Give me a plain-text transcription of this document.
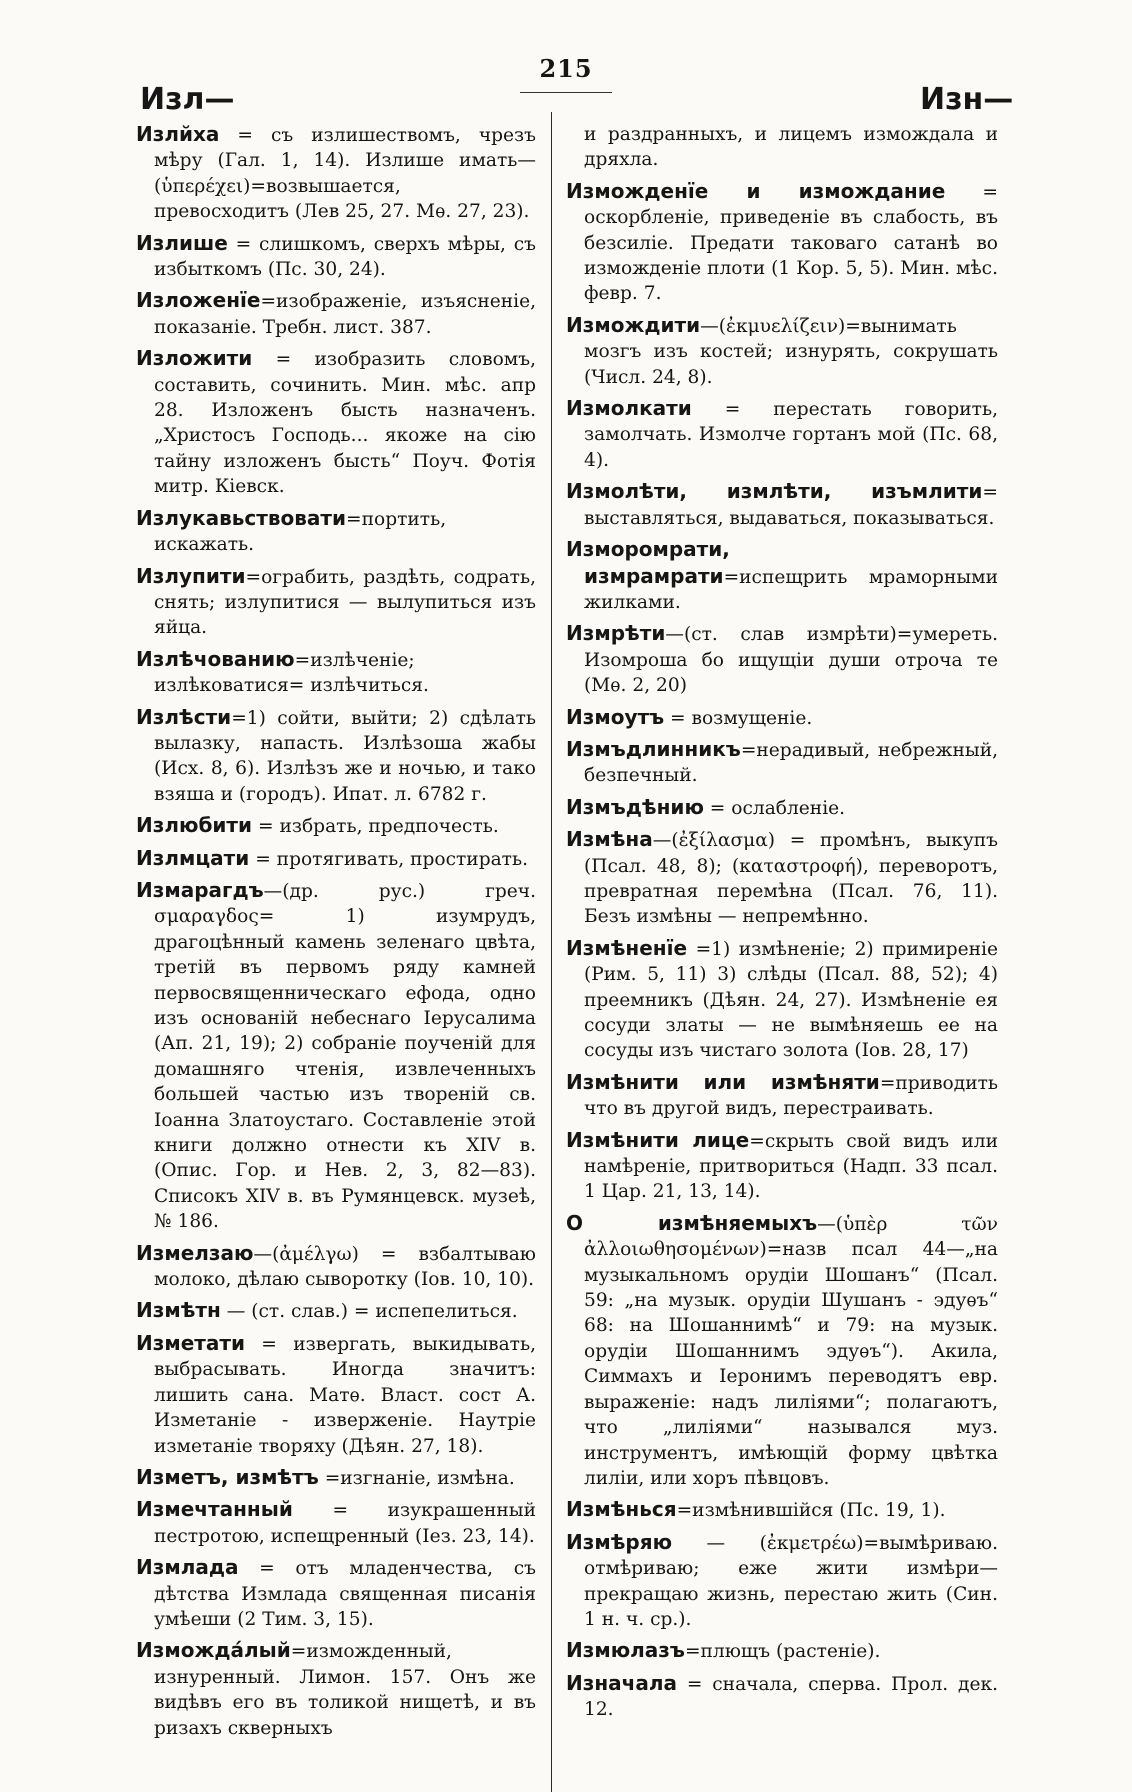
Изл—
215
Изн—

Излйха = съ излишествомъ, чрезъ мѣру (Гал. 1, 14). Излише имать—(ὑπερέχει)=возвышается, превосходитъ (Лев 25, 27. Мѳ. 27, 23).

Излише = слишкомъ, сверхъ мѣры, съ избыткомъ (Пс. 30, 24).

Изложенїе=изображеніе, изъясненіе, показаніе. Требн. лист. 387.

Изложити = изобразить словомъ, составить, сочинить. Мин. мѣс. апр 28. Изложенъ бысть назначенъ. „Христосъ Господь... якоже на сію тайну изложенъ бысть“ Поуч. Фотія митр. Кіевск.

Излукавьствовати=портить, искажать.

Излупити=ограбить, раздѣть, содрать, снять; излупитися — вылупиться изъ яйца.

Излѣчованию=излѣченіе; излѣковатися= излѣчиться.

Излѣсти=1) сойти, выйти; 2) сдѣлать вылазку, напасть. Излѣзоша жабы (Исх. 8, 6). Излѣзъ же и ночью, и тако взяша и (городъ). Ипат. л. 6782 г.

Излюбити = избрать, предпочесть.

Излмцати = протягивать, простирать.

Измарагдъ—(др. рус.) греч. σμαραγδος= 1) изумрудъ, драгоцѣнный камень зеленаго цвѣта, третій въ первомъ ряду камней первосвященническаго ефода, одно изъ основаній небеснаго Іерусалима (Ап. 21, 19); 2) собраніе поученій для домашняго чтенія, извлеченныхъ большей частью изъ твореній св. Іоанна Златоустаго. Составленіе этой книги должно отнести къ XIV в. (Опис. Гор. и Нев. 2, 3, 82—83). Списокъ XIV в. въ Румянцевск. музеѣ, № 186.

Измелзаю—(ἀμέλγω) = взбалтываю молоко, дѣлаю сыворотку (Іов. 10, 10).

Измѣтн — (ст. слав.) = испепелиться.

Изметати = извергать, выкидывать, выбрасывать. Иногда значитъ: лишить сана. Матѳ. Власт. сост А. Изметаніе - изверженіе. Наутріе изметаніе творяху (Дѣян. 27, 18).

Изметъ, измѣтъ =изгнаніе, измѣна.

Измечтанный = изукрашенный пестротою, испещренный (Іез. 23, 14).

Измлада = отъ младенчества, съ дѣтства Измлада священная писанія умѣеши (2 Тим. 3, 15).

Изможда́лый=изможденный, изнуренный. Лимон. 157. Онъ же видѣвъ его въ толикой нищетѣ, и въ ризахъ скверныхъ

и раздранныхъ, и лицемъ измождала и дряхла.

Изможденїе и измождание = оскорбленіе, приведеніе въ слабость, въ безсиліе. Предати таковаго сатанѣ во изможденіе плоти (1 Кор. 5, 5). Мин. мѣс. февр. 7.

Измождити—(ἐκμυελίζειν)=вынимать мозгъ изъ костей; изнурять, сокрушать (Числ. 24, 8).

Измолкати = перестать говорить, замолчать. Измолче гортанъ мой (Пс. 68, 4).

Измолѣти, измлѣти, изъмлити= выставляться, выдаваться, показываться.

Изморомрати, измрамрати=испещрить мраморными жилками.

Измрѣти—(ст. слав измрѣти)=умереть. Изомроша бо ищущіи души отроча те (Мѳ. 2, 20)

Измоутъ = возмущеніе.

Измъдлинникъ=нерадивый, небрежный, безпечный.

Измъдѣнию = ослабленіе.

Измѣна—(ἐξίλασμα) = промѣнъ, выкупъ (Псал. 48, 8); (καταστροφή), переворотъ, превратная перемѣна (Псал. 76, 11). Безъ измѣны — непремѣнно.

Измѣненїе =1) измѣненіе; 2) примиреніе (Рим. 5, 11) 3) слѣды (Псал. 88, 52); 4) преемникъ (Дѣян. 24, 27). Измѣненіе ея сосуди златы — не вымѣняешь ее на сосуды изъ чистаго золота (Іов. 28, 17)

Измѣнити или измѣняти=приводить что въ другой видъ, перестраивать.

Измѣнити лице=скрыть свой видъ или намѣреніе, притвориться (Надп. 33 псал. 1 Цар. 21, 13, 14).

О измѣняемыхъ—(ὑπὲρ τῶν ἀλλοιωθησομένων)=назв псал 44—„на музыкальномъ орудіи Шошанъ“ (Псал. 59: „на музык. орудіи Шушанъ - эдуѳъ“ 68: на Шошаннимѣ“ и 79: на музык. орудіи Шошаннимъ эдуѳъ“). Акила, Симмахъ и Іеронимъ переводятъ евр. выраженіе: надъ лиліями“; полагаютъ, что „лиліями“ назывался муз. инструментъ, имѣющій форму цвѣтка лиліи, или хоръ пѣвцовъ.

Измѣнься=измѣнившійся (Пс. 19, 1).

Измѣряю — (ἐκμετρέω)=вымѣриваю. отмѣриваю; еже жити измѣри—прекращаю жизнь, перестаю жить (Син. 1 н. ч. ср.).

Измюлазъ=плющъ (растеніе).

Изначала = сначала, сперва. Прол. дек. 12.
